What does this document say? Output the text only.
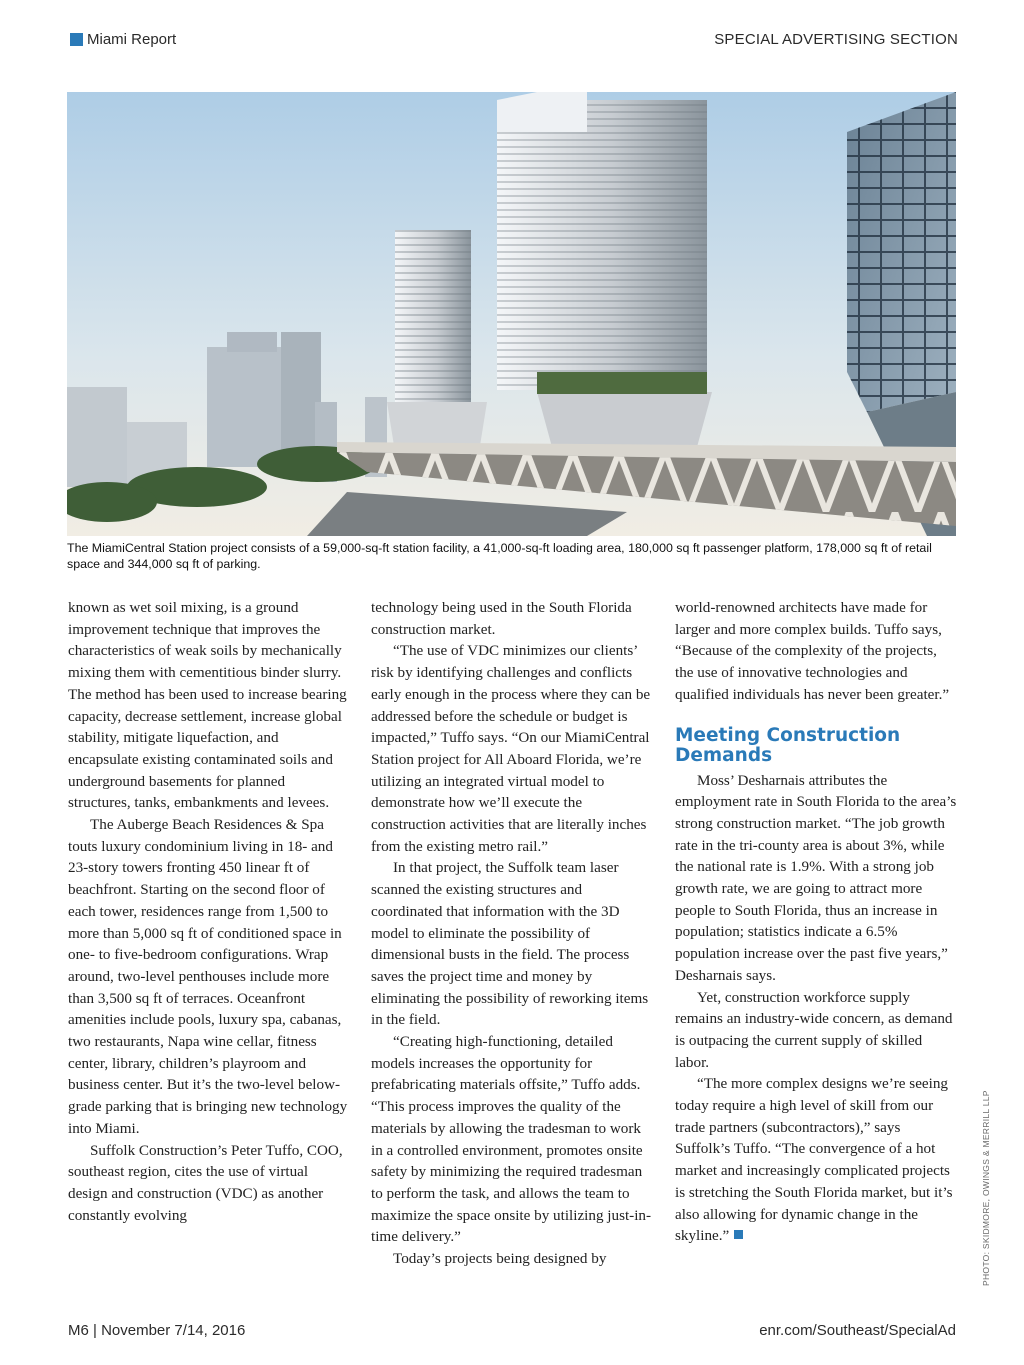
Miami Report	SPECIAL ADVERTISING SECTION
PHOTO: SKIDMORE, OWINGS & MERRILL LLP
The MiamiCentral Station project consists of a 59,000-sq-ft station facility, a 41,000-sq-ft loading area, 180,000 sq ft passenger platform, 178,000 sq ft of retail space and 344,000 sq ft of parking.

known as wet soil mixing, is a ground improvement technique that improves the characteristics of weak soils by mechanically mixing them with cementitious binder slurry. The method has been used to increase bearing capacity, decrease settlement, increase global stability, mitigate liquefaction, and encapsulate existing contaminated soils and underground basements for planned structures, tanks, embankments and levees.

The Auberge Beach Residences & Spa touts luxury condominium living in 18- and 23-story towers fronting 450 linear ft of beachfront. Starting on the second floor of each tower, residences range from 1,500 to more than 5,000 sq ft of conditioned space in one- to five-bedroom configurations. Wrap around, two-level penthouses include more than 3,500 sq ft of terraces. Oceanfront amenities include pools, luxury spa, cabanas, two restaurants, Napa wine cellar, fitness center, library, children’s playroom and business center. But it’s the two-level below-grade parking that is bringing new technology into Miami.

Suffolk Construction’s Peter Tuffo, COO, southeast region, cites the use of virtual design and construction (VDC) as another constantly evolving

technology being used in the South Florida construction market.

“The use of VDC minimizes our clients’ risk by identifying challenges and conflicts early enough in the process where they can be addressed before the schedule or budget is impacted,” Tuffo says. “On our MiamiCentral Station project for All Aboard Florida, we’re utilizing an integrated virtual model to demonstrate how we’ll execute the construction activities that are literally inches from the existing metro rail.”

In that project, the Suffolk team laser scanned the existing structures and coordinated that information with the 3D model to eliminate the possibility of dimensional busts in the field. The process saves the project time and money by eliminating the possibility of reworking items in the field.

“Creating high-functioning, detailed models increases the opportunity for prefabricating materials offsite,” Tuffo adds. “This process improves the quality of the materials by allowing the tradesman to work in a controlled environment, promotes onsite safety by minimizing the required tradesman to perform the task, and allows the team to maximize the space onsite by utilizing just-in-time delivery.”

Today’s projects being designed by

world-renowned architects have made for larger and more complex builds. Tuffo says, “Because of the complexity of the projects, the use of innovative technologies and qualified individuals has never been greater.”

Meeting Construction Demands

Moss’ Desharnais attributes the employment rate in South Florida to the area’s strong construction market. “The job growth rate in the tri-county area is about 3%, while the national rate is 1.9%. With a strong job growth rate, we are going to attract more people to South Florida, thus an increase in population; statistics indicate a 6.5% population increase over the past five years,” Desharnais says.

Yet, construction workforce supply remains an industry-wide concern, as demand is outpacing the current supply of skilled labor.

“The more complex designs we’re seeing today require a high level of skill from our trade partners (subcontractors),” says Suffolk’s Tuffo. “The convergence of a hot market and increasingly complicated projects is stretching the South Florida market, but it’s also allowing for dynamic change in the skyline.”

M6 | November 7/14, 2016	enr.com/Southeast/SpecialAd
